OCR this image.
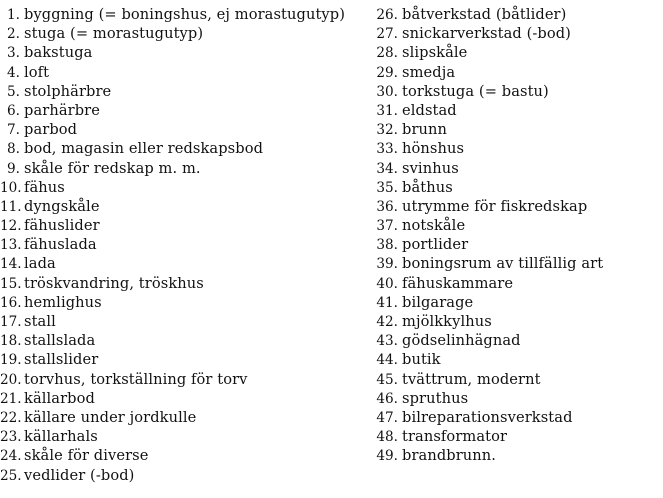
1. byggning (= boningshus, ej morastugutyp)
2. stuga (= morastugutyp)
3. bakstuga
4. loft
5. stolphärbre
6. parhärbre
7. parbod
8. bod, magasin eller redskapsbod
9. skåle för redskap m. m.
10. fähus
11. dyngskåle
12. fähuslider
13. fähuslada
14. lada
15. tröskvandring, tröskhus
16. hemlighus
17. stall
18. stallslada
19. stallslider
20. torvhus, torkställning för torv
21. källarbod
22. källare under jordkulle
23. källarhals
24. skåle för diverse
25. vedlider (-bod)
26. båtverkstad (båtlider)
27. snickarverkstad (-bod)
28. slipskåle
29. smedja
30. torkstuga (= bastu)
31. eldstad
32. brunn
33. hönshus
34. svinhus
35. båthus
36. utrymme för fiskredskap
37. notskåle
38. portlider
39. boningsrum av tillfällig art
40. fähuskammare
41. bilgarage
42. mjölkkylhus
43. gödselinhägnad
44. butik
45. tvättrum, modernt
46. spruthus
47. bilreparationsverkstad
48. transformator
49. brandbrunn.
